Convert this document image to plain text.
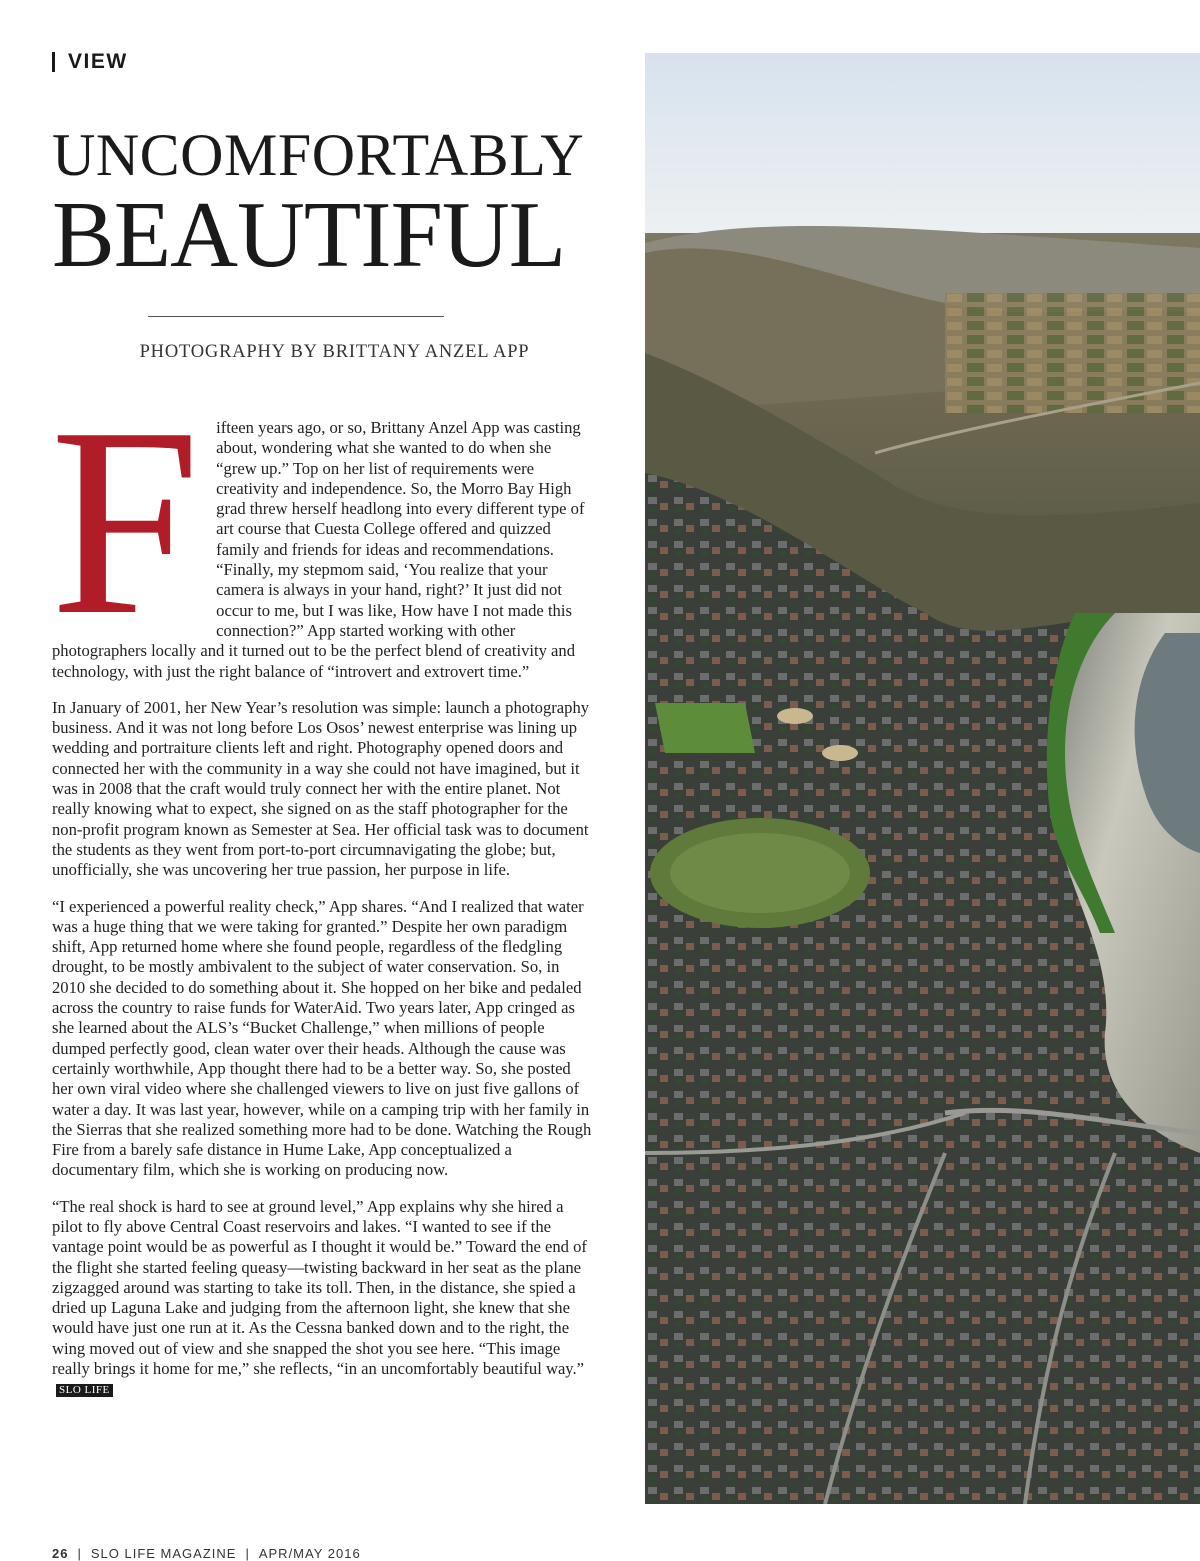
VIEW
UNCOMFORTABLY
BEAUTIFUL
PHOTOGRAPHY BY BRITTANY ANZEL APP

Fifteen years ago, or so, Brittany Anzel App was casting about, wondering what she wanted to do when she “grew up.” Top on her list of requirements were creativity and independence. So, the Morro Bay High grad threw herself headlong into every different type of art course that Cuesta College offered and quizzed family and friends for ideas and recommendations. “Finally, my stepmom said, ‘You realize that your camera is always in your hand, right?’ It just did not occur to me, but I was like, How have I not made this connection?” App started working with other photographers locally and it turned out to be the perfect blend of creativity and technology, with just the right balance of “introvert and extrovert time.”

In January of 2001, her New Year’s resolution was simple: launch a photography business. And it was not long before Los Osos’ newest enterprise was lining up wedding and portraiture clients left and right. Photography opened doors and connected her with the community in a way she could not have imagined, but it was in 2008 that the craft would truly connect her with the entire planet. Not really knowing what to expect, she signed on as the staff photographer for the non-profit program known as Semester at Sea. Her official task was to document the students as they went from port-to-port circumnavigating the globe; but, unofficially, she was uncovering her true passion, her purpose in life.

“I experienced a powerful reality check,” App shares. “And I realized that water was a huge thing that we were taking for granted.” Despite her own paradigm shift, App returned home where she found people, regardless of the fledgling drought, to be mostly ambivalent to the subject of water conservation. So, in 2010 she decided to do something about it. She hopped on her bike and pedaled across the country to raise funds for WaterAid. Two years later, App cringed as she learned about the ALS’s “Bucket Challenge,” when millions of people dumped perfectly good, clean water over their heads. Although the cause was certainly worthwhile, App thought there had to be a better way. So, she posted her own viral video where she challenged viewers to live on just five gallons of water a day. It was last year, however, while on a camping trip with her family in the Sierras that she realized something more had to be done. Watching the Rough Fire from a barely safe distance in Hume Lake, App conceptualized a documentary film, which she is working on producing now.

“The real shock is hard to see at ground level,” App explains why she hired a pilot to fly above Central Coast reservoirs and lakes. “I wanted to see if the vantage point would be as powerful as I thought it would be.” Toward the end of the flight she started feeling queasy—twisting backward in her seat as the plane zigzagged around was starting to take its toll. Then, in the distance, she spied a dried up Laguna Lake and judging from the afternoon light, she knew that she would have just one run at it. As the Cessna banked down and to the right, the wing moved out of view and she snapped the shot you see here. “This image really brings it home for me,” she reflects, “in an uncomfortably beautiful way.”SLO LIFE

26 | SLO LIFE MAGAZINE | APR/MAY 2016
